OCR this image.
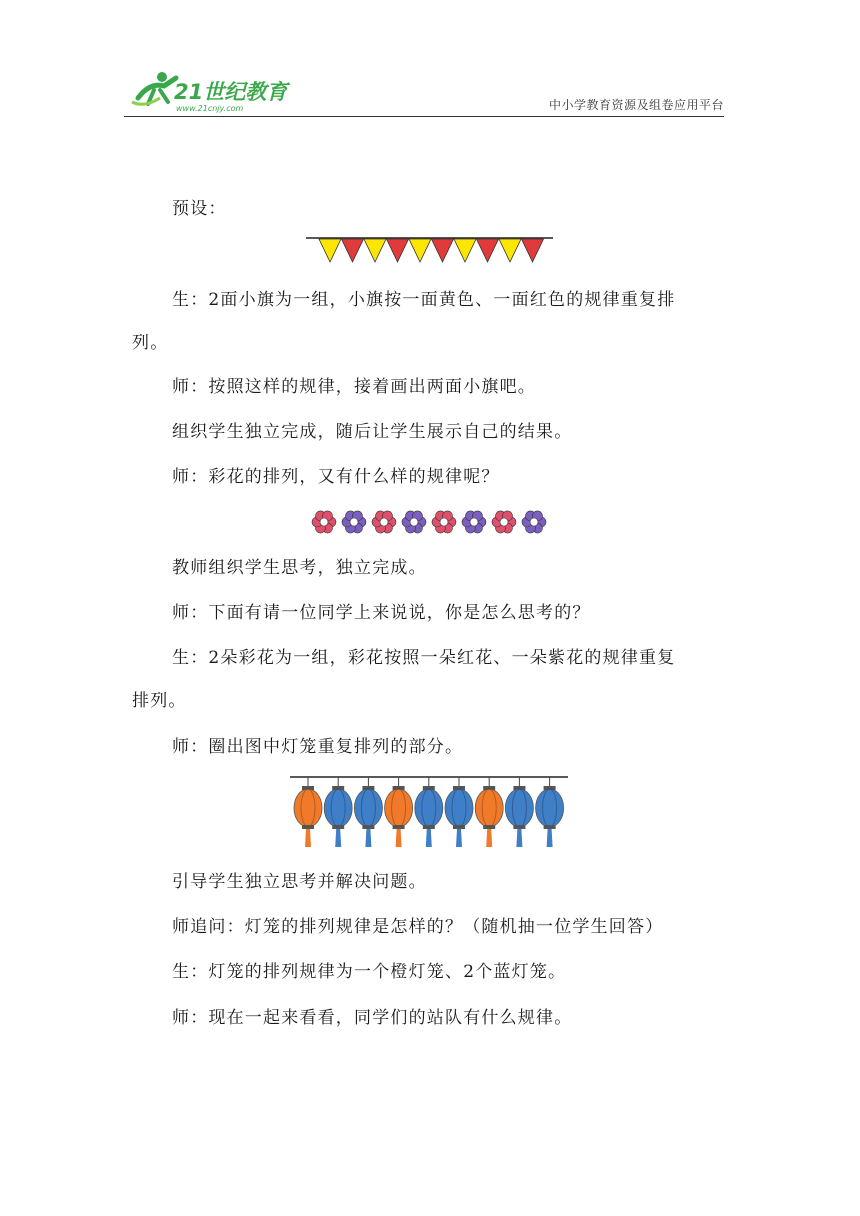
21世纪教育
www.21cnjy.com	中小学教育资源及组卷应用平台
预设：
生：2面小旗为一组，小旗按一面黄色、一面红色的规律重复排
列。
师：按照这样的规律，接着画出两面小旗吧。
组织学生独立完成，随后让学生展示自己的结果。
师：彩花的排列，又有什么样的规律呢？
教师组织学生思考，独立完成。
师：下面有请一位同学上来说说，你是怎么思考的？
生：2朵彩花为一组，彩花按照一朵红花、一朵紫花的规律重复
排列。
师：圈出图中灯笼重复排列的部分。
引导学生独立思考并解决问题。
师追问：灯笼的排列规律是怎样的？（随机抽一位学生回答）
生：灯笼的排列规律为一个橙灯笼、2个蓝灯笼。
师：现在一起来看看，同学们的站队有什么规律。
